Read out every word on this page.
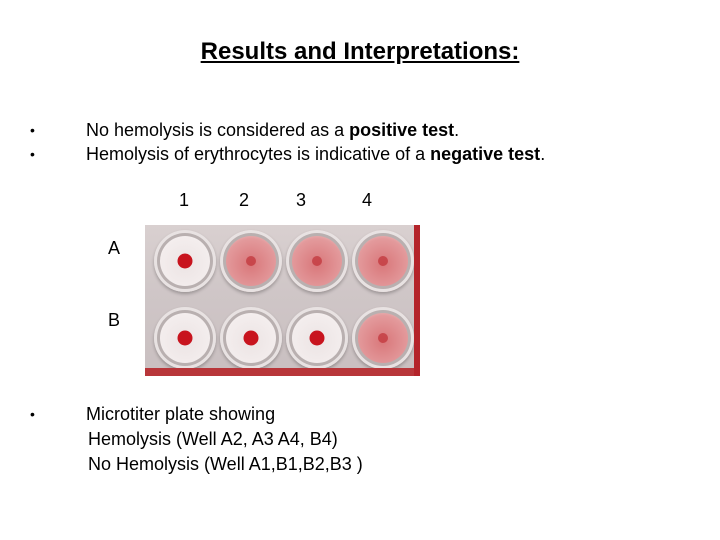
Results and Interpretations:
•	No hemolysis is considered as a positive test.
•	Hemolysis of erythrocytes is indicative of a negative test.
1	2	3	4
A
B
•	Microtiter plate showing
Hemolysis (Well A2, A3 A4, B4)
No Hemolysis (Well A1,B1,B2,B3 )
